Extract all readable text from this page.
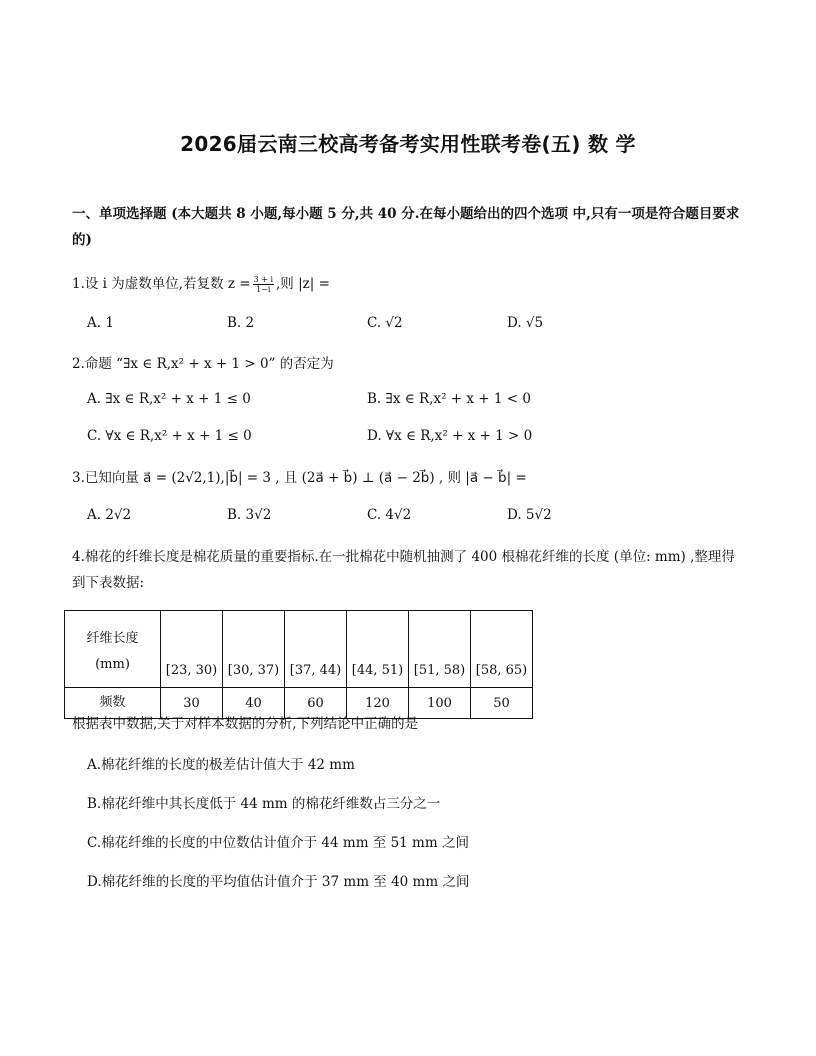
2026届云南三校高考备考实用性联考卷(五) 数 学
一、单项选择题 (本大题共 8 小题,每小题 5 分,共 40 分.在每小题给出的四个选项 中,只有一项是符合题目要求的)
1.设 i 为虚数单位,若复数 $z = \frac{3 + i}{1-i}$ ,则 |z| =
A. 1	B. 2	C. √2	D. √5
2.命题 “∃x ∈ R,x² + x + 1 > 0” 的否定为
A. ∃x ∈ R,x² + x + 1 ≤ 0	B. ∃x ∈ R,x² + x + 1 < 0
C. ∀x ∈ R,x² + x + 1 ≤ 0	D. ∀x ∈ R,x² + x + 1 > 0
3.已知向量 a⃗ = (2√2,1),|b⃗| = 3 , 且 (2a⃗ + b⃗) ⊥ (a⃗ − 2b⃗) , 则 |a⃗ − b⃗| =
A. 2√2	B. 3√2	C. 4√2	D. 5√2
4.棉花的纤维长度是棉花质量的重要指标.在一批棉花中随机抽测了 400 根棉花纤维的长度 (单位: mm) ,整理得到下表数据:
纤维长度
(mm)	[23, 30)	[30, 37)	[37, 44)	[44, 51)	[51, 58)	[58, 65)
频数	30	40	60	120	100	50
根据表中数据,关于对样本数据的分析,下列结论中正确的是
A.棉花纤维的长度的极差估计值大于 42 mm
B.棉花纤维中其长度低于 44 mm 的棉花纤维数占三分之一
C.棉花纤维的长度的中位数估计值介于 44 mm 至 51 mm 之间
D.棉花纤维的长度的平均值估计值介于 37 mm 至 40 mm 之间
